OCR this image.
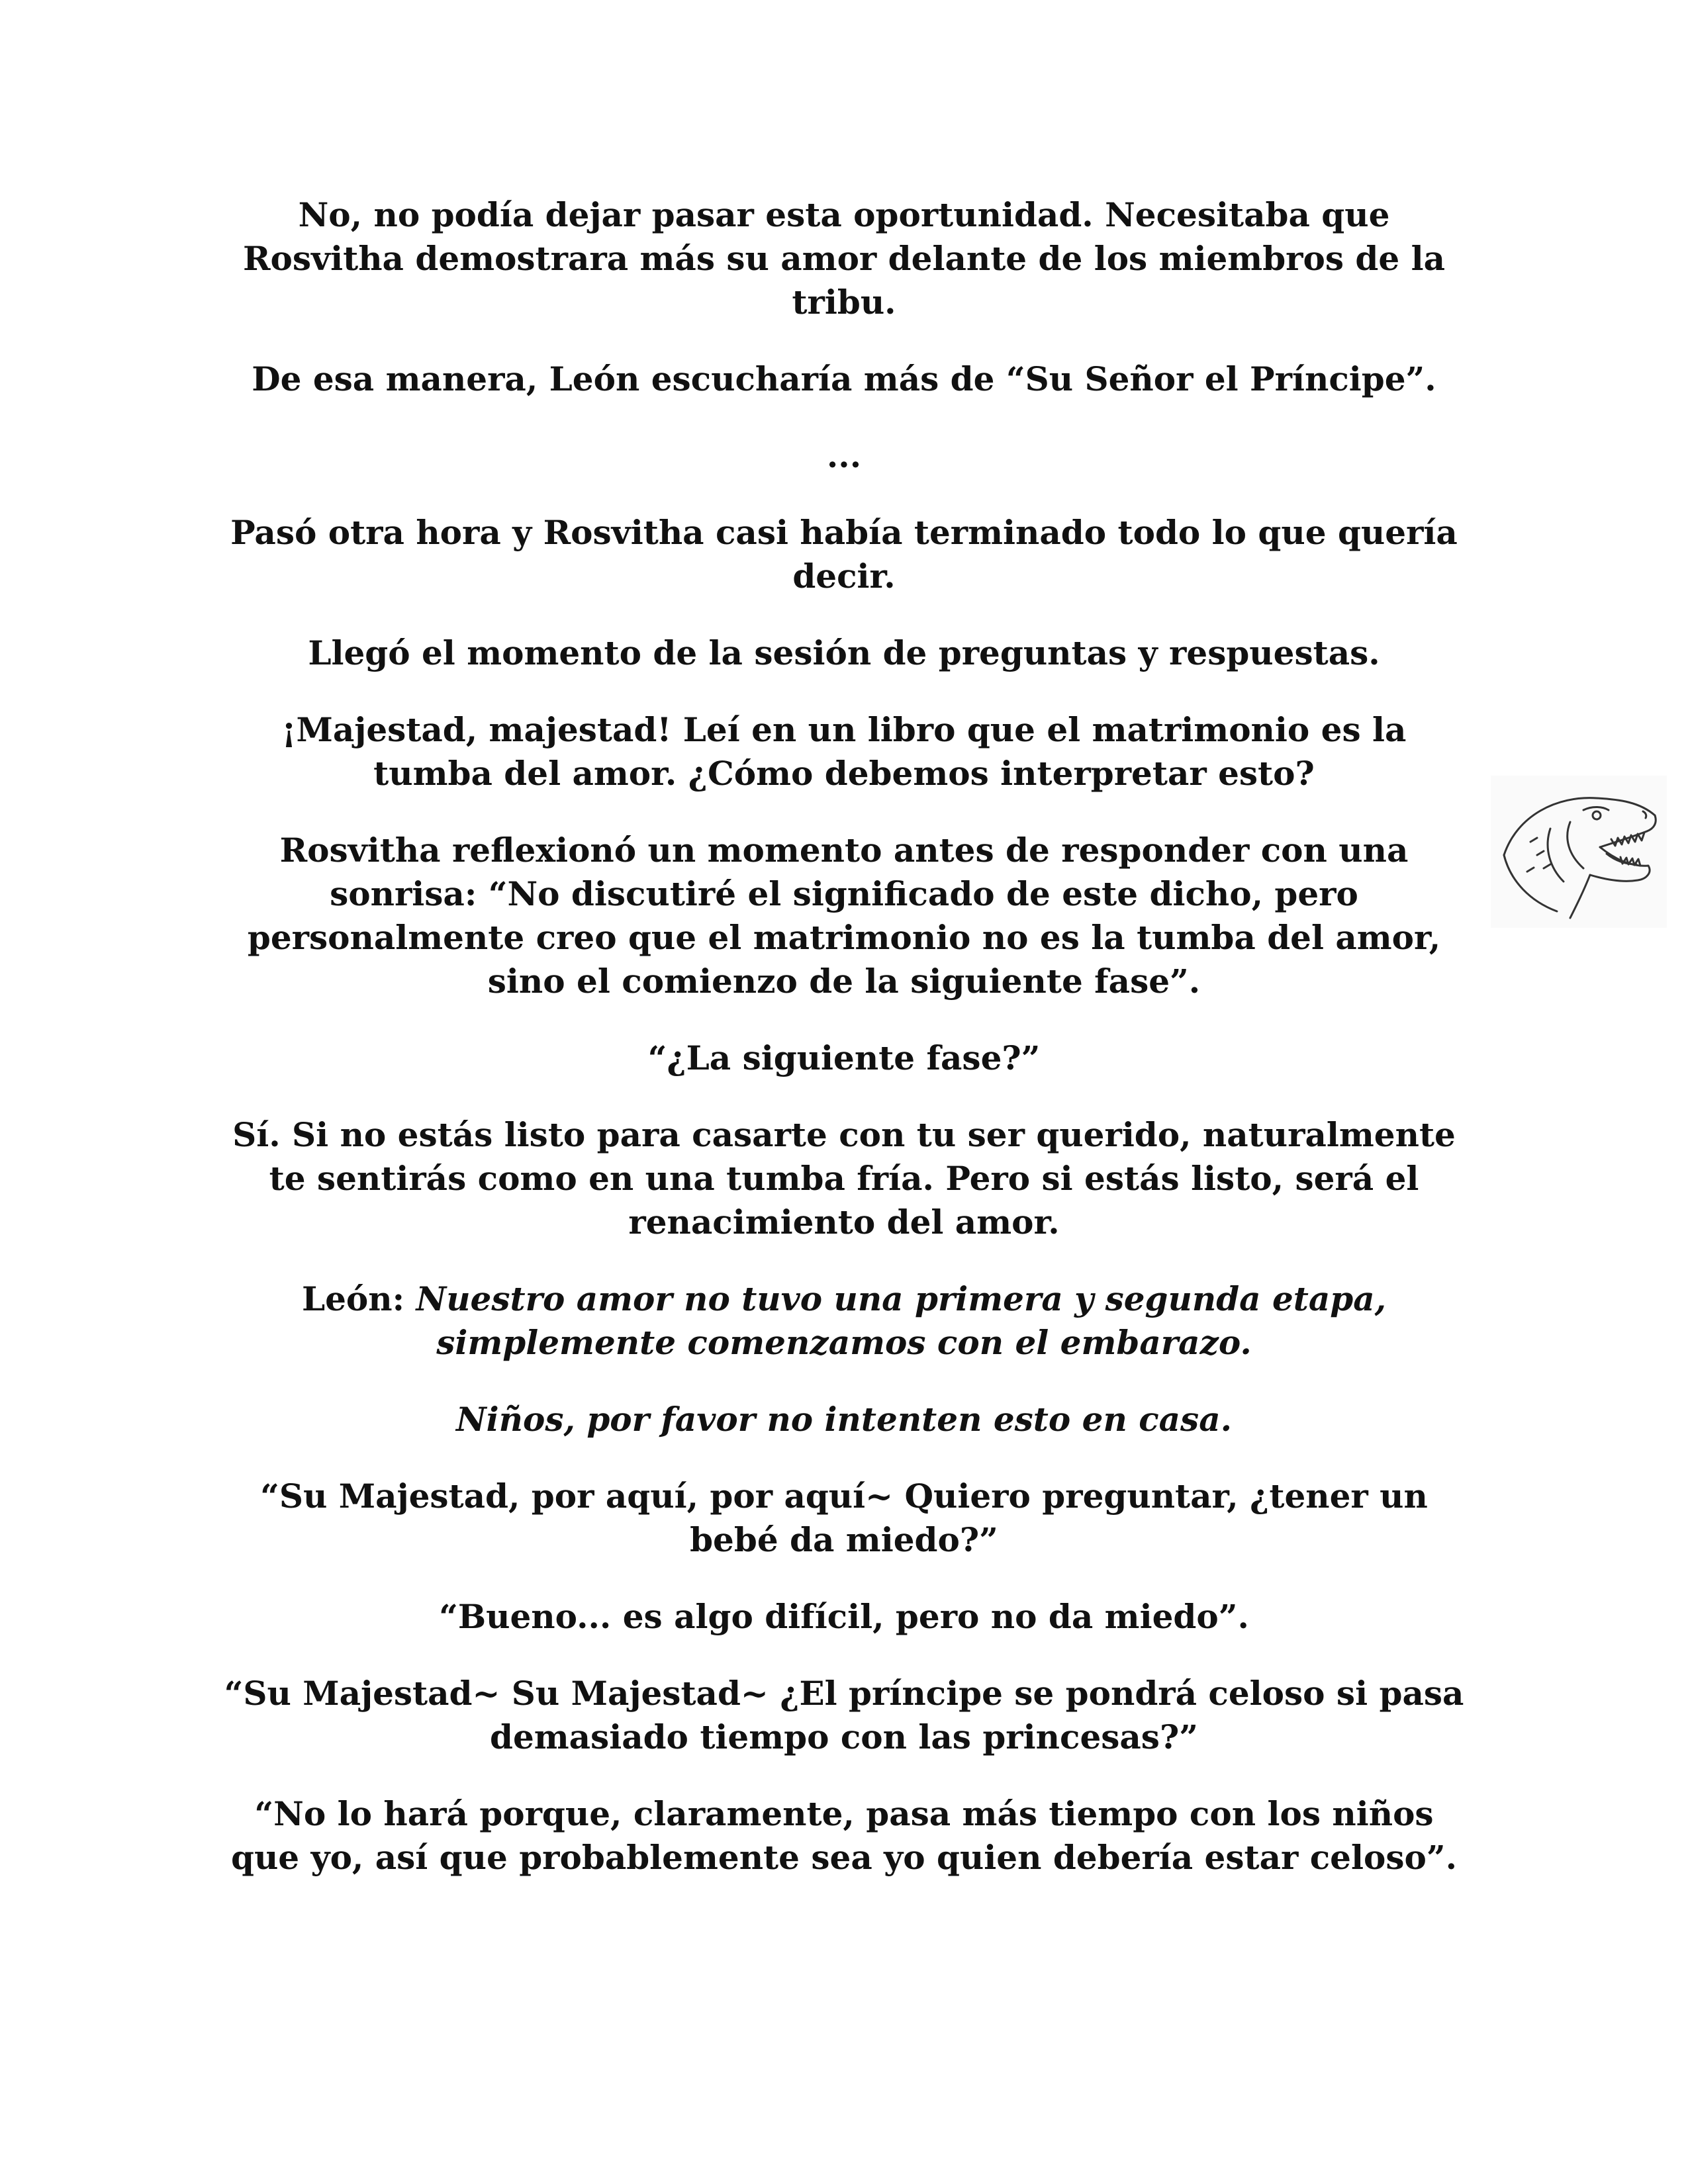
No, no podía dejar pasar esta oportunidad. Necesitaba que Rosvitha demostrara más su amor delante de los miembros de la tribu.

De esa manera, León escucharía más de “Su Señor el Príncipe”.

...

Pasó otra hora y Rosvitha casi había terminado todo lo que quería decir.

Llegó el momento de la sesión de preguntas y respuestas.

¡Majestad, majestad! Leí en un libro que el matrimonio es la tumba del amor. ¿Cómo debemos interpretar esto?

Rosvitha reflexionó un momento antes de responder con una sonrisa: “No discutiré el significado de este dicho, pero personalmente creo que el matrimonio no es la tumba del amor, sino el comienzo de la siguiente fase”.

“¿La siguiente fase?”

Sí. Si no estás listo para casarte con tu ser querido, naturalmente te sentirás como en una tumba fría. Pero si estás listo, será el renacimiento del amor.

León: Nuestro amor no tuvo una primera y segunda etapa, simplemente comenzamos con el embarazo.

Niños, por favor no intenten esto en casa.

“Su Majestad, por aquí, por aquí~ Quiero preguntar, ¿tener un bebé da miedo?”

“Bueno... es algo difícil, pero no da miedo”.

“Su Majestad~ Su Majestad~ ¿El príncipe se pondrá celoso si pasa demasiado tiempo con las princesas?”

“No lo hará porque, claramente, pasa más tiempo con los niños que yo, así que probablemente sea yo quien debería estar celoso”.
